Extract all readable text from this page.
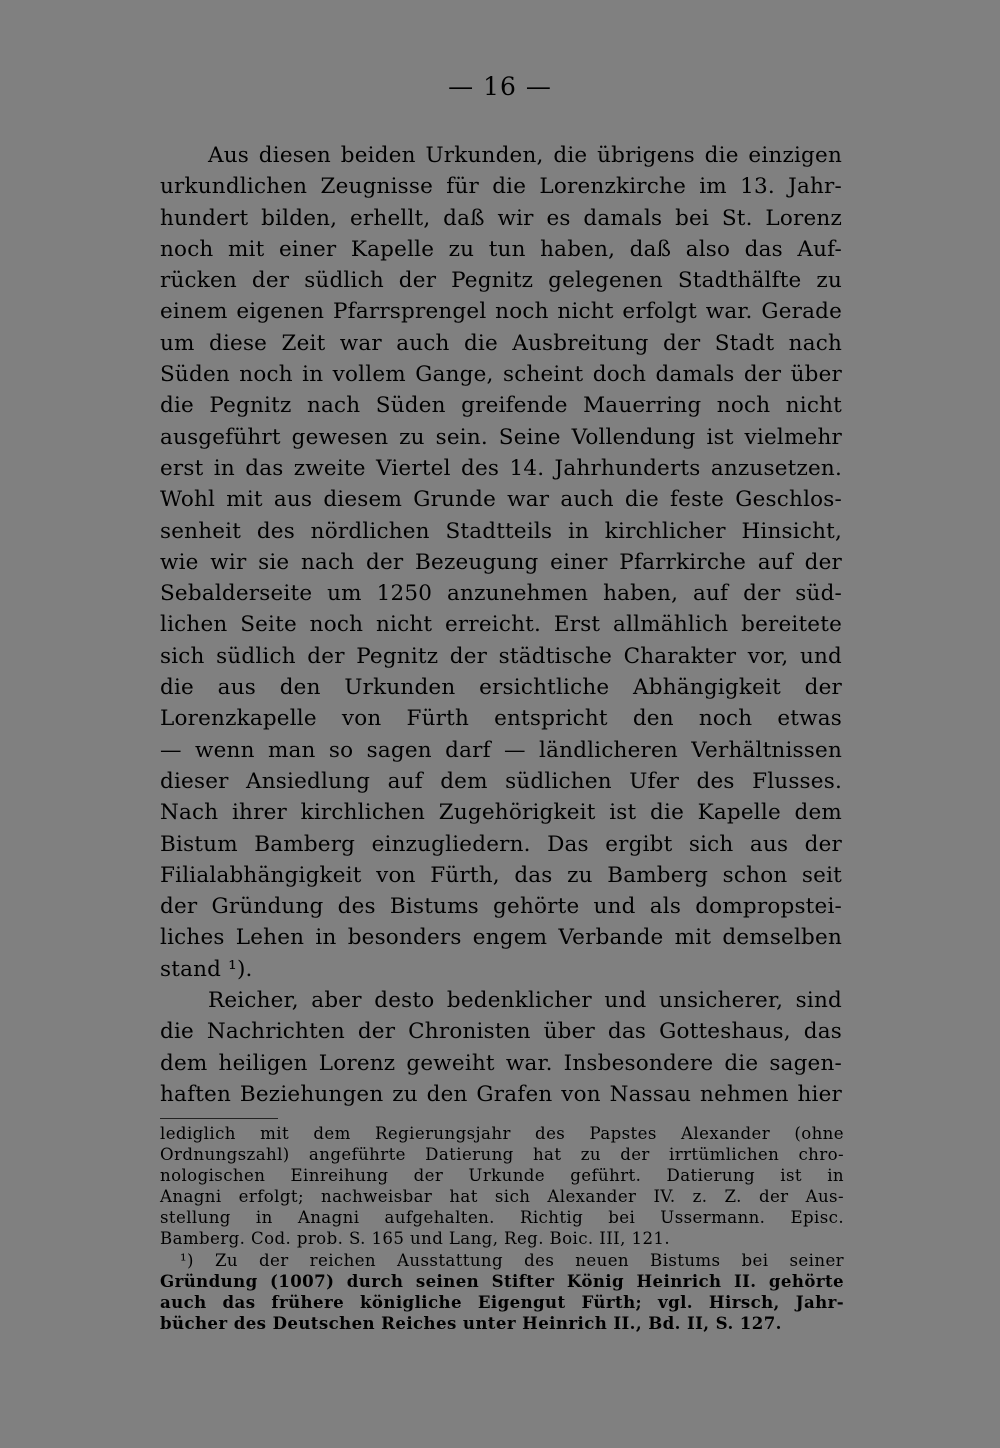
— 16 —
Aus diesen beiden Urkunden, die übrigens die einzigen
urkundlichen Zeugnisse für die Lorenzkirche im 13. Jahr-
hundert bilden, erhellt, daß wir es damals bei St. Lorenz
noch mit einer Kapelle zu tun haben, daß also das Auf-
rücken der südlich der Pegnitz gelegenen Stadthälfte zu
einem eigenen Pfarrsprengel noch nicht erfolgt war. Gerade
um diese Zeit war auch die Ausbreitung der Stadt nach
Süden noch in vollem Gange, scheint doch damals der über
die Pegnitz nach Süden greifende Mauerring noch nicht
ausgeführt gewesen zu sein. Seine Vollendung ist vielmehr
erst in das zweite Viertel des 14. Jahrhunderts anzusetzen.
Wohl mit aus diesem Grunde war auch die feste Geschlos-
senheit des nördlichen Stadtteils in kirchlicher Hinsicht,
wie wir sie nach der Bezeugung einer Pfarrkirche auf der
Sebalderseite um 1250 anzunehmen haben, auf der süd-
lichen Seite noch nicht erreicht. Erst allmählich bereitete
sich südlich der Pegnitz der städtische Charakter vor, und
die aus den Urkunden ersichtliche Abhängigkeit der
Lorenzkapelle von Fürth entspricht den noch etwas
— wenn man so sagen darf — ländlicheren Verhältnissen
dieser Ansiedlung auf dem südlichen Ufer des Flusses.
Nach ihrer kirchlichen Zugehörigkeit ist die Kapelle dem
Bistum Bamberg einzugliedern. Das ergibt sich aus der
Filialabhängigkeit von Fürth, das zu Bamberg schon seit
der Gründung des Bistums gehörte und als dompropstei-
liches Lehen in besonders engem Verbande mit demselben
stand ¹).
Reicher, aber desto bedenklicher und unsicherer, sind
die Nachrichten der Chronisten über das Gotteshaus, das
dem heiligen Lorenz geweiht war. Insbesondere die sagen-
haften Beziehungen zu den Grafen von Nassau nehmen hier
lediglich mit dem Regierungsjahr des Papstes Alexander (ohne
Ordnungszahl) angeführte Datierung hat zu der irrtümlichen chro-
nologischen Einreihung der Urkunde geführt. Datierung ist in
Anagni erfolgt; nachweisbar hat sich Alexander IV. z. Z. der Aus-
stellung in Anagni aufgehalten. Richtig bei Ussermann. Episc.
Bamberg. Cod. prob. S. 165 und Lang, Reg. Boic. III, 121.
¹) Zu der reichen Ausstattung des neuen Bistums bei seiner
Gründung (1007) durch seinen Stifter König Heinrich II. gehörte
auch das frühere königliche Eigengut Fürth; vgl. Hirsch, Jahr-
bücher des Deutschen Reiches unter Heinrich II., Bd. II, S. 127.
